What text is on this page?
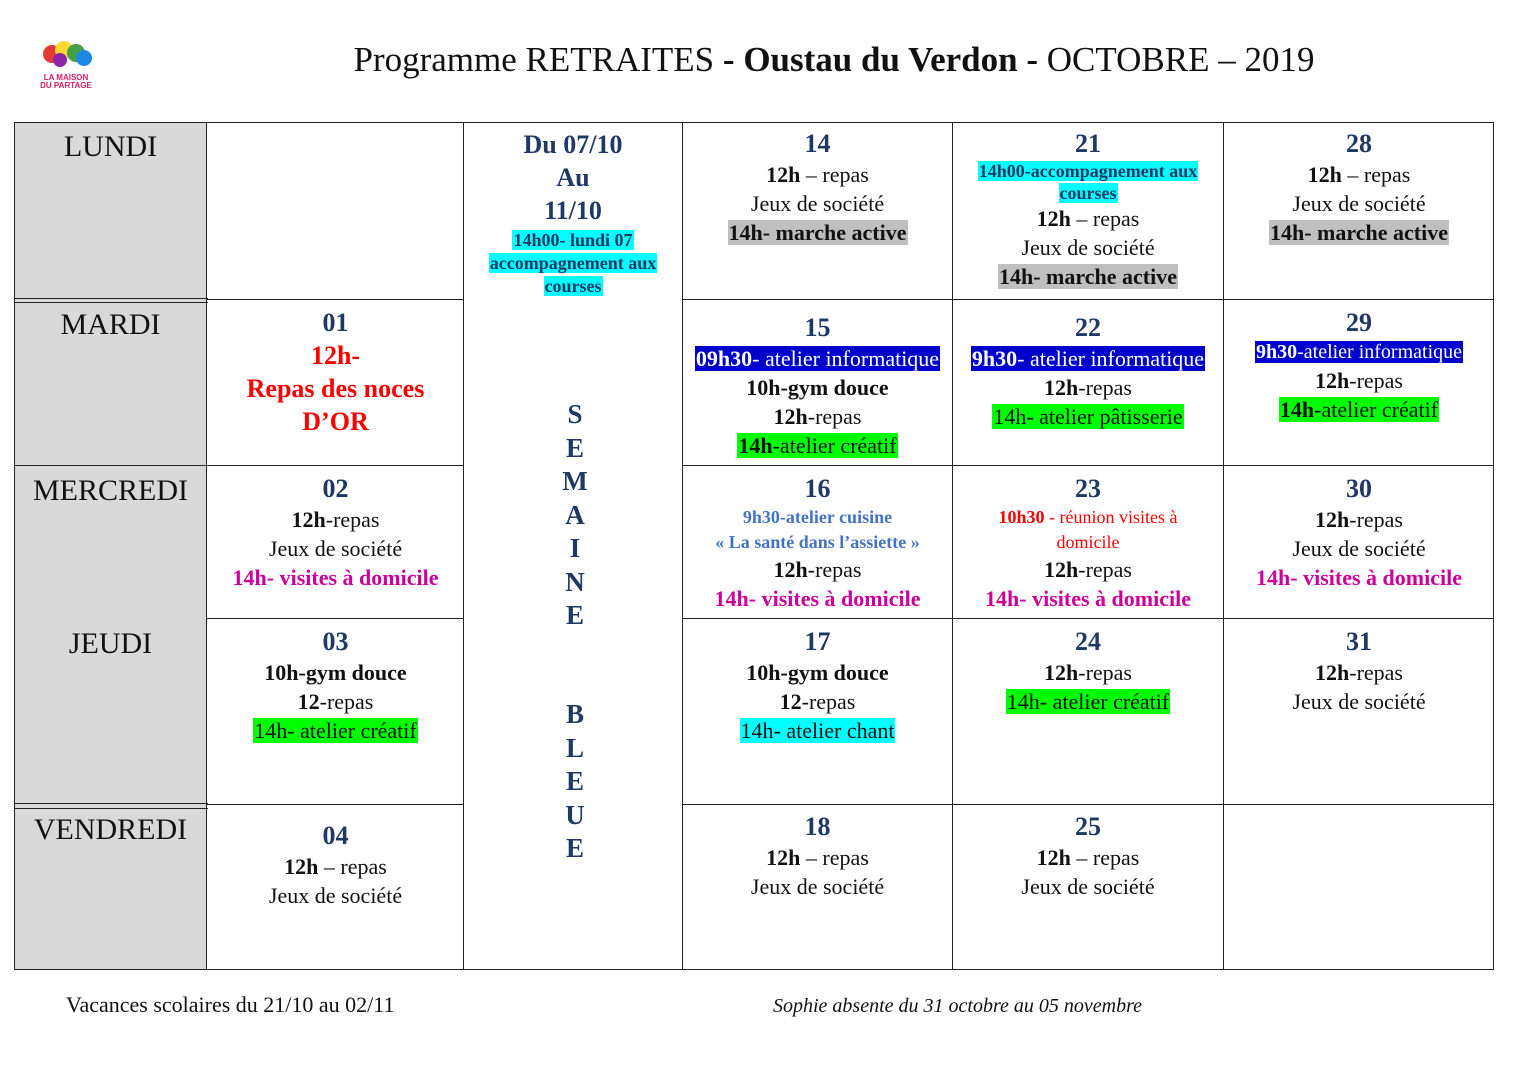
LA MAISON
DU PARTAGE
Programme RETRAITES - Oustau du Verdon - OCTOBRE – 2019
LUNDI
MARDI
MERCREDI
JEUDI
VENDREDI
Du 07/10
Au
11/10
14h00- lundi 07
accompagnement aux
courses
S
E
M
A
I
N
E
B
L
E
U
E
14
12h – repas
Jeux de société
14h- marche active
21
14h00-accompagnement aux
courses
12h – repas
Jeux de société
14h- marche active
28
12h – repas
Jeux de société
14h- marche active
01
12h-
Repas des noces
D’OR
15
09h30- atelier informatique
10h-gym douce
12h-repas
14h-atelier créatif
22
9h30- atelier informatique
12h-repas
14h- atelier pâtisserie
29
9h30-atelier informatique
12h-repas
14h-atelier créatif
02
12h-repas
Jeux de société
14h- visites à domicile
16
9h30-atelier cuisine
« La santé dans l’assiette »
12h-repas
14h- visites à domicile
23
10h30 - réunion visites à
domicile
12h-repas
14h- visites à domicile
30
12h-repas
Jeux de société
14h- visites à domicile
03
10h-gym douce
12-repas
14h- atelier créatif
17
10h-gym douce
12-repas
14h- atelier chant
24
12h-repas
14h- atelier créatif
31
12h-repas
Jeux de société
04
12h – repas
Jeux de société
18
12h – repas
Jeux de société
25
12h – repas
Jeux de société
Vacances scolaires du 21/10 au 02/11	Sophie absente du 31 octobre au 05 novembre
